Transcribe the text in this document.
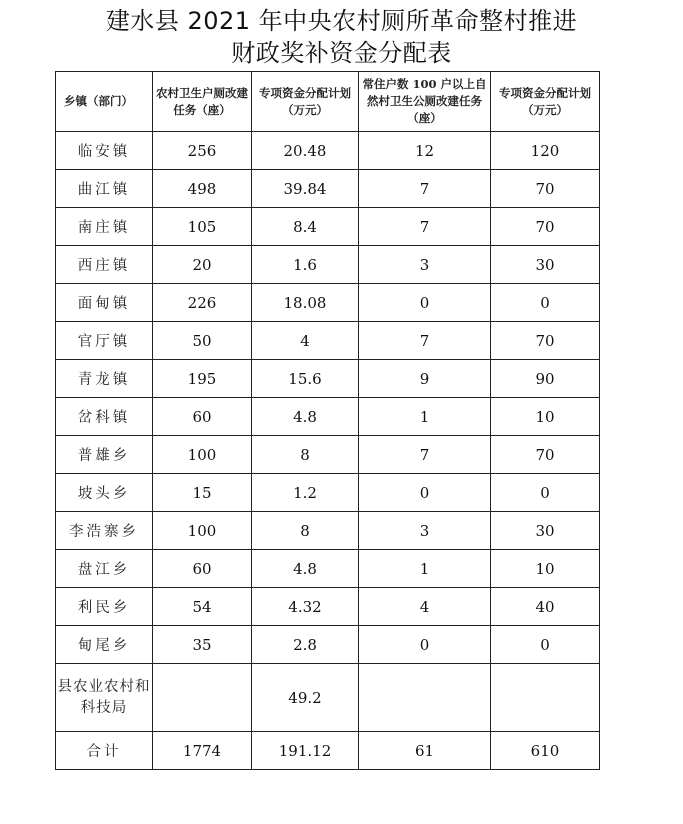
建水县 2021 年中央农村厕所革命整村推进
财政奖补资金分配表
乡镇（部门）	农村卫生户厕改建任务（座）	专项资金分配计划（万元）	常住户数 100 户以上自然村卫生公厕改建任务（座）	专项资金分配计划（万元）
临安镇	256	20.48	12	120
曲江镇	498	39.84	7	70
南庄镇	105	8.4	7	70
西庄镇	20	1.6	3	30
面甸镇	226	18.08	0	0
官厅镇	50	4	7	70
青龙镇	195	15.6	9	90
岔科镇	60	4.8	1	10
普雄乡	100	8	7	70
坡头乡	15	1.2	0	0
李浩寨乡	100	8	3	30
盘江乡	60	4.8	1	10
利民乡	54	4.32	4	40
甸尾乡	35	2.8	0	0
县农业农村和科技局		49.2		
合计	1774	191.12	61	610
